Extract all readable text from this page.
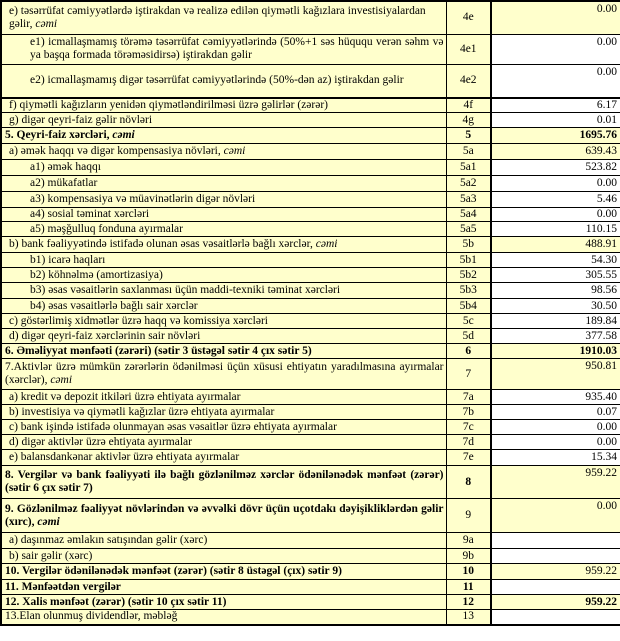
e) təsərrüfat cəmiyyətlərdə iştirakdan və realizə edilən qiymətli kağızlara investisiyalardan gəlir, cəmi	4e	0.00
e1) icmallaşmamış törəmə təsərrüfat cəmiyyətlərində (50%+1 səs hüququ verən səhm və ya başqa formada törəməsidirsə) iştirakdan gəlir	4e1	0.00
e2) icmallaşmamış digər təsərrüfat cəmiyyətlərində (50%-dən az) iştirakdan gəlir	4e2	0.00
f) qiymətli kağızların yenidən qiymətləndirilməsi üzrə gəlirlər (zərər)	4f	6.17
g) digər qeyri-faiz gəlir növləri	4g	0.01
5. Qeyri-faiz xərcləri, cəmi	5	1695.76
a) əmək haqqı və digər kompensasiya növləri, cəmi	5a	639.43
a1) əmək haqqı	5a1	523.82
a2) mükafatlar	5a2	0.00
a3) kompensasiya və müavinətlərin digər növləri	5a3	5.46
a4) sosial təminat xərcləri	5a4	0.00
a5) məşğulluq fonduna ayırmalar	5a5	110.15
b) bank fəaliyyətində istifadə olunan əsas vəsaitlərlə bağlı xərclər, cəmi	5b	488.91
b1) icarə haqları	5b1	54.30
b2) köhnəlmə (amortizasiya)	5b2	305.55
b3) əsas vəsaitlərin saxlanması üçün maddi-texniki təminat xərcləri	5b3	98.56
b4) əsas vəsaitlərlə bağlı sair xərclər	5b4	30.50
c) göstərlimiş xidmətlər üzrə haqq və komissiya xərcləri	5c	189.84
d) digər qeyri-faiz xərclərinin sair növləri	5d	377.58
6. Əməliyyat mənfəəti (zərəri) (sətir 3 üstəgəl sətir 4 çıx sətir 5)	6	1910.03
7.Aktivlər üzrə mümkün zərərlərin ödənilməsi üçün xüsusi ehtiyatın yaradılmasına ayırmalar (xərclər), cəmi	7	950.81
a) kredit və depozit itkiləri üzrə ehtiyata ayırmalar	7a	935.40
b) investisiya və qiymətli kağızlar üzrə ehtiyata ayırmalar	7b	0.07
c) bank işində istifadə olunmayan əsas vəsaitlər üzrə ehtiyata ayırmalar	7c	0.00
d) digər aktivlər üzrə ehtiyata ayırmalar	7d	0.00
e) balansdankənar aktivlər üzrə ehtiyata ayırmalar	7e	15.34
8. Vergilər və bank fəaliyyəti ilə bağlı gözlənilməz xərclər ödənilənədək mənfəət (zərər) (sətir 6 çıx sətir 7)	8	959.22
9. Gözlənilməz fəaliyyət növlərindən və əvvəlki dövr üçün uçotdakı dəyişikliklərdən gəlir (xırc), cəmi	9	0.00
a) daşınmaz əmlakın satışından gəlir (xərc)	9a	
b) sair gəlir (xərc)	9b	
10. Vergilər ödənilənədək mənfəət (zərər) (sətir 8 üstəgəl (çıx) sətir 9)	10	959.22
11. Mənfəətdən vergilər	11	
12. Xalis mənfəət (zərər) (sətir 10 çıx sətir 11)	12	959.22
13.Elan olunmuş dividendlər, məbləğ	13	
